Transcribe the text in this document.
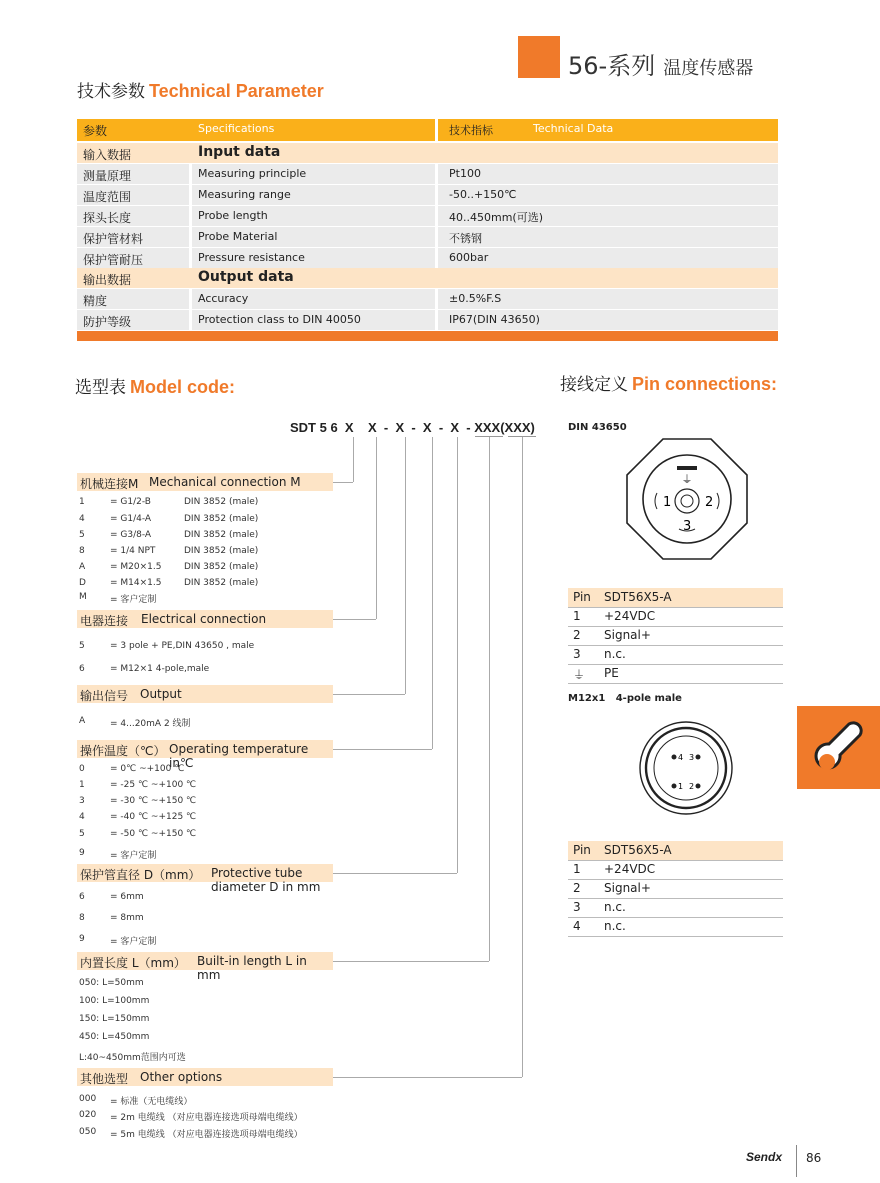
56-系列 温度传感器
技术参数 Technical Parameter
参数	Specifications	技术指标	Technical Data
输入数据	Input data
测量原理	Measuring principle	Pt100
温度范围	Measuring range	-50..+150℃
探头长度	Probe length	40..450mm(可选)
保护管材料	Probe Material	不锈钢
保护管耐压	Pressure resistance	600bar
输出数据	Output data
精度	Accuracy	±0.5%F.S
防护等级	Protection class to DIN 40050	IP67(DIN 43650)
选型表 Model code:
SDT 5 6  X    X  -  X  -  X  -  X  - XXX(XXX)
机械连接M Mechanical connection M
1	= G1/2-B	DIN 3852 (male)
4	= G1/4-A	DIN 3852 (male)
5	= G3/8-A	DIN 3852 (male)
8	= 1/4 NPT	DIN 3852 (male)
A	= M20×1.5	DIN 3852 (male)
D	= M14×1.5	DIN 3852 (male)
M	= 客户定制
电器连接 Electrical connection
5	= 3 pole + PE,DIN 43650 , male
6	= M12×1 4-pole,male
输出信号 Output
A	= 4...20mA 2 线制
操作温度（℃） Operating temperature in℃
0	= 0℃ ~+100 ℃
1	= -25 ℃ ~+100 ℃
3	= -30 ℃ ~+150 ℃
4	= -40 ℃ ~+125 ℃
5	= -50 ℃ ~+150 ℃
9	= 客户定制
保护管直径 D（mm） Protective tube diameter D in mm
6	= 6mm
8	= 8mm
9	= 客户定制
内置长度 L（mm） Built-in length L in mm
050: L=50mm
100: L=100mm
150: L=150mm
450: L=450mm
L:40~450mm范围内可选
其他选型 Other options
000 = 标准（无电缆线）
020 = 2m 电缆线 （对应电器连接选项母端电缆线）
050 = 5m 电缆线 （对应电器连接选项母端电缆线）
接线定义 Pin connections:
DIN 43650
⏚
1	2
3
Pin SDT56X5-A
1 +24VDC
2 Signal+
3 n.c.
⏚ PE
M12x1   4-pole male
4 3
1 2
Pin SDT56X5-A
1 +24VDC
2 Signal+
3 n.c.
4 n.c.
Sendx 86
